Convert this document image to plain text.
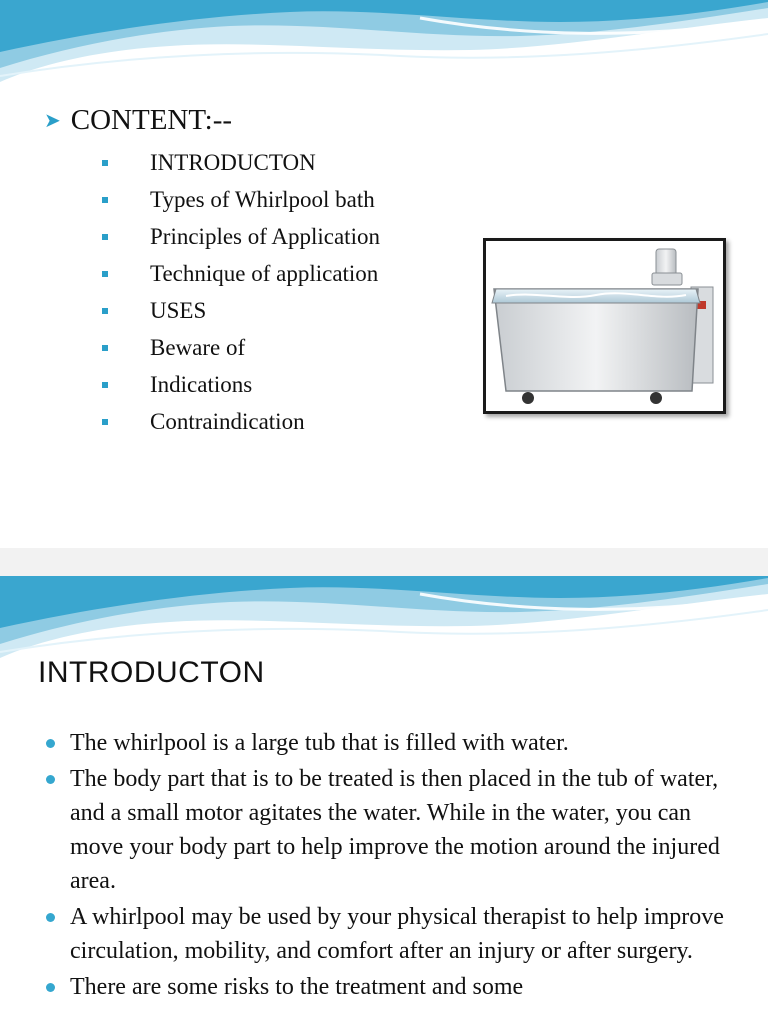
➤ CONTENT:--
INTRODUCTON
Types of Whirlpool bath
Principles of Application
Technique of application
USES
Beware of
Indications
Contraindication
INTRODUCTON
The whirlpool is a large tub that is filled with water.
The body part that is to be treated is then placed in the tub of water, and a small motor agitates the water. While in the water, you can move your body part to help improve the motion around the injured area.
A whirlpool may be used by your physical therapist to help improve circulation, mobility, and comfort after an injury or after surgery.
There are some risks to the treatment and some
